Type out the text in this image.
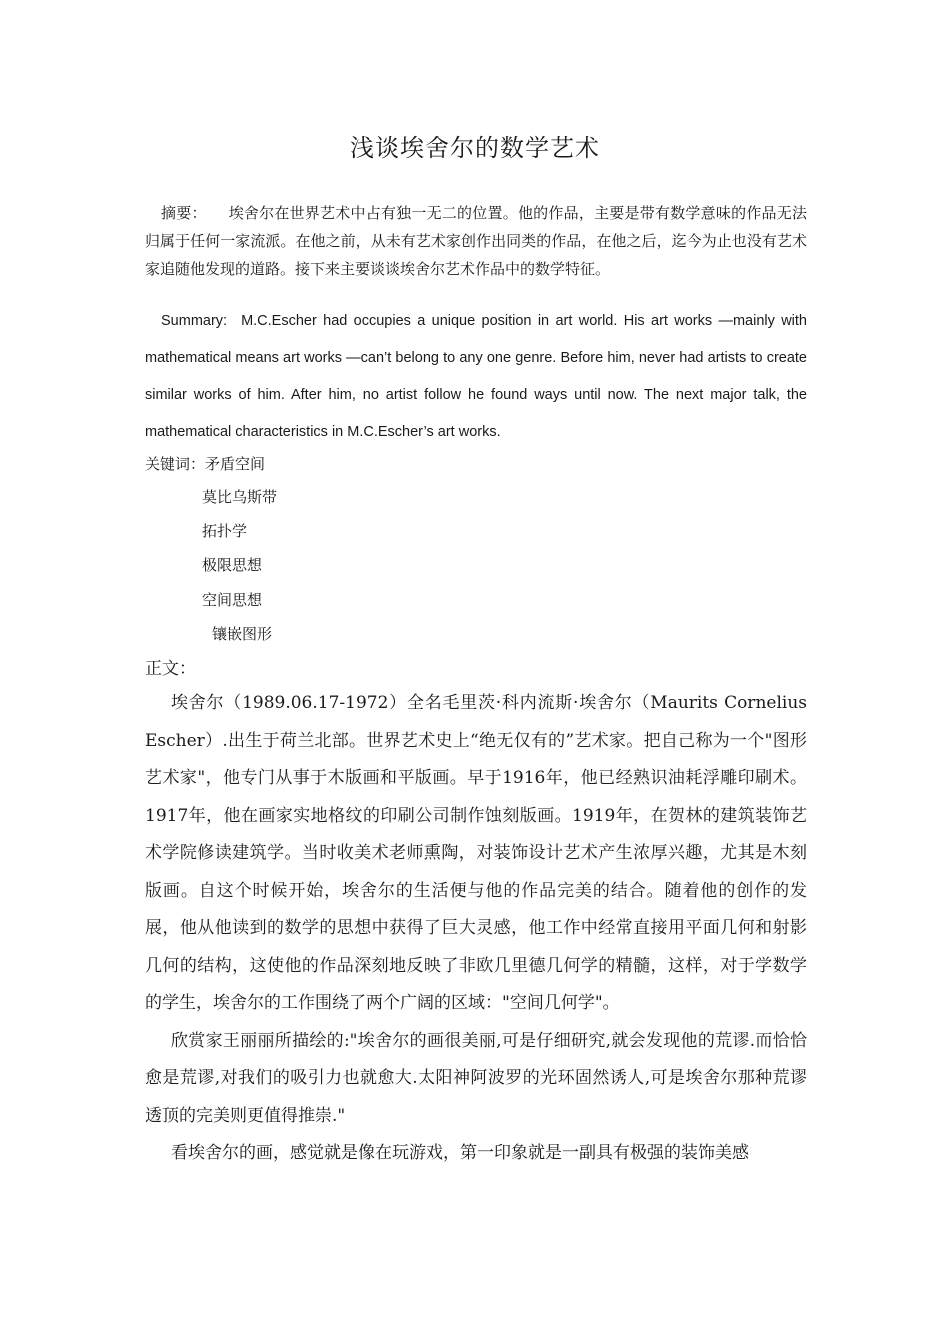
浅谈埃舍尔的数学艺术
摘要： 埃舍尔在世界艺术中占有独一无二的位置。他的作品，主要是带有数学意味的作品无法归属于任何一家流派。在他之前，从未有艺术家创作出同类的作品，在他之后，迄今为止也没有艺术家追随他发现的道路。接下来主要谈谈埃舍尔艺术作品中的数学特征。
Summary: M.C.Escher had occupies a unique position in art world. His art works —mainly with mathematical means art works —can’t belong to any one genre. Before him, never had artists to create similar works of him. After him, no artist follow he found ways until now. The next major talk, the mathematical characteristics in M.C.Escher’s art works.
关键词：矛盾空间
莫比乌斯带
拓扑学
极限思想
空间思想
镶嵌图形
正文：

埃舍尔（1989.06.17-1972）全名毛里茨·科内流斯·埃舍尔（Maurits Cornelius Escher）.出生于荷兰北部。世界艺术史上“绝无仅有的”艺术家。把自己称为一个"图形艺术家"，他专门从事于木版画和平版画。早于1916年，他已经熟识油耗浮雕印刷术。1917年，他在画家实地格纹的印刷公司制作蚀刻版画。1919年，在贺林的建筑装饰艺术学院修读建筑学。当时收美术老师熏陶，对装饰设计艺术产生浓厚兴趣，尤其是木刻版画。自这个时候开始，埃舍尔的生活便与他的作品完美的结合。随着他的创作的发展，他从他读到的数学的思想中获得了巨大灵感，他工作中经常直接用平面几何和射影几何的结构，这使他的作品深刻地反映了非欧几里德几何学的精髓，这样，对于学数学的学生，埃舍尔的工作围绕了两个广阔的区域："空间几何学"。

欣赏家王丽丽所描绘的:"埃舍尔的画很美丽,可是仔细研究,就会发现他的荒谬.而恰恰愈是荒谬,对我们的吸引力也就愈大.太阳神阿波罗的光环固然诱人,可是埃舍尔那种荒谬透顶的完美则更值得推崇."

看埃舍尔的画，感觉就是像在玩游戏，第一印象就是一副具有极强的装饰美感
